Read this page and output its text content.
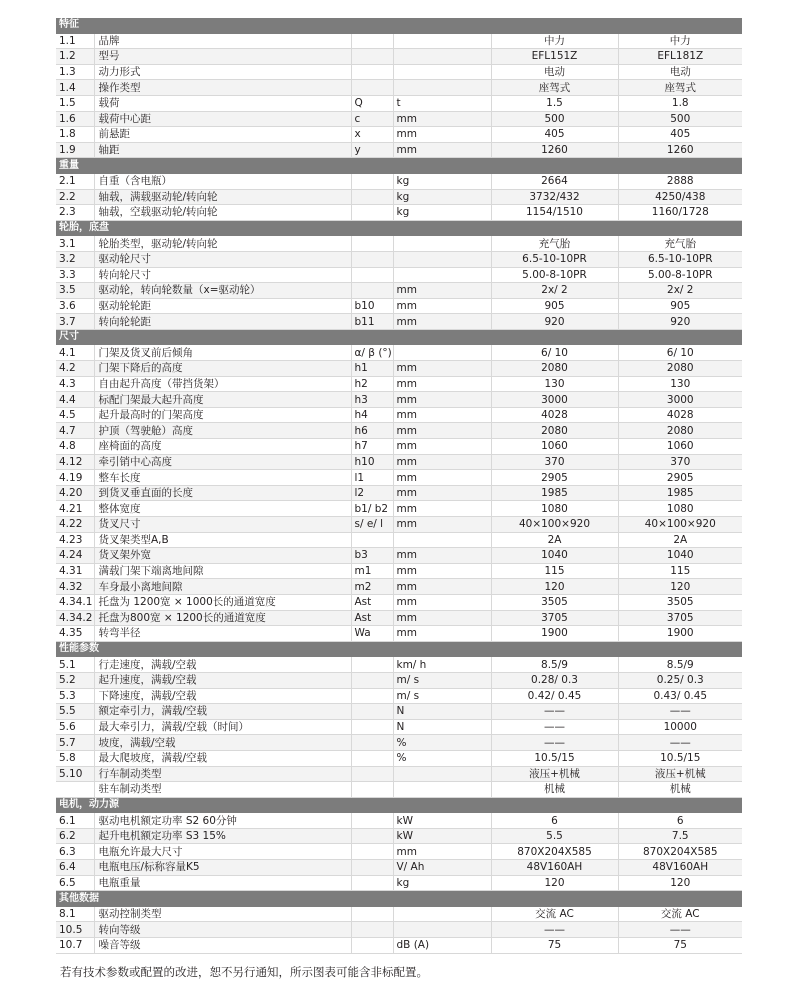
特征					
1.1	品牌			中力	中力
1.2	型号			EFL151Z	EFL181Z
1.3	动力形式			电动	电动
1.4	操作类型			座驾式	座驾式
1.5	载荷	Q	t	1.5	1.8
1.6	载荷中心距	c	mm	500	500
1.8	前悬距	x	mm	405	405
1.9	轴距	y	mm	1260	1260
重量					
2.1	自重（含电瓶）		kg	2664	2888
2.2	轴载，满载驱动轮/转向轮		kg	3732/432	4250/438
2.3	轴载，空载驱动轮/转向轮		kg	1154/1510	1160/1728
轮胎，底盘					
3.1	轮胎类型，驱动轮/转向轮			充气胎	充气胎
3.2	驱动轮尺寸			6.5-10-10PR	6.5-10-10PR
3.3	转向轮尺寸			5.00-8-10PR	5.00-8-10PR
3.5	驱动轮，转向轮数量（x=驱动轮）		mm	2x/ 2	2x/ 2
3.6	驱动轮轮距	b10	mm	905	905
3.7	转向轮轮距	b11	mm	920	920
尺寸					
4.1	门架及货叉前后倾角	α/ β (°)		6/ 10	6/ 10
4.2	门架下降后的高度	h1	mm	2080	2080
4.3	自由起升高度（带挡货架）	h2	mm	130	130
4.4	标配门架最大起升高度	h3	mm	3000	3000
4.5	起升最高时的门架高度	h4	mm	4028	4028
4.7	护顶（驾驶舱）高度	h6	mm	2080	2080
4.8	座椅面的高度	h7	mm	1060	1060
4.12	牵引销中心高度	h10	mm	370	370
4.19	整车长度	l1	mm	2905	2905
4.20	到货叉垂直面的长度	l2	mm	1985	1985
4.21	整体宽度	b1/ b2	mm	1080	1080
4.22	货叉尺寸	s/ e/ l	mm	40×100×920	40×100×920
4.23	货叉架类型A,B			2A	2A
4.24	货叉架外宽	b3	mm	1040	1040
4.31	满载门架下端离地间隙	m1	mm	115	115
4.32	车身最小离地间隙	m2	mm	120	120
4.34.1	托盘为 1200宽 × 1000长的通道宽度	Ast	mm	3505	3505
4.34.2	托盘为800宽 × 1200长的通道宽度	Ast	mm	3705	3705
4.35	转弯半径	Wa	mm	1900	1900
性能参数					
5.1	行走速度，满载/空载		km/ h	8.5/9	8.5/9
5.2	起升速度，满载/空载		m/ s	0.28/ 0.3	0.25/ 0.3
5.3	下降速度，满载/空载		m/ s	0.42/ 0.45	0.43/ 0.45
5.5	额定牵引力，满载/空载		N	——	——
5.6	最大牵引力，满载/空载（时间）		N	——	10000
5.7	坡度，满载/空载		%	——	——
5.8	最大爬坡度，满载/空载		%	10.5/15	10.5/15
5.10	行车制动类型			液压+机械	液压+机械
	驻车制动类型			机械	机械
电机，动力源					
6.1	驱动电机额定功率 S2 60分钟		kW	6	6
6.2	起升电机额定功率 S3 15%		kW	5.5	7.5
6.3	电瓶允许最大尺寸		mm	870X204X585	870X204X585
6.4	电瓶电压/标称容量K5		V/ Ah	48V160AH	48V160AH
6.5	电瓶重量		kg	120	120
其他数据					
8.1	驱动控制类型			交流 AC	交流 AC
10.5	转向等级			——	——
10.7	噪音等级		dB (A)	75	75
若有技术参数或配置的改进，恕不另行通知，所示图表可能含非标配置。
